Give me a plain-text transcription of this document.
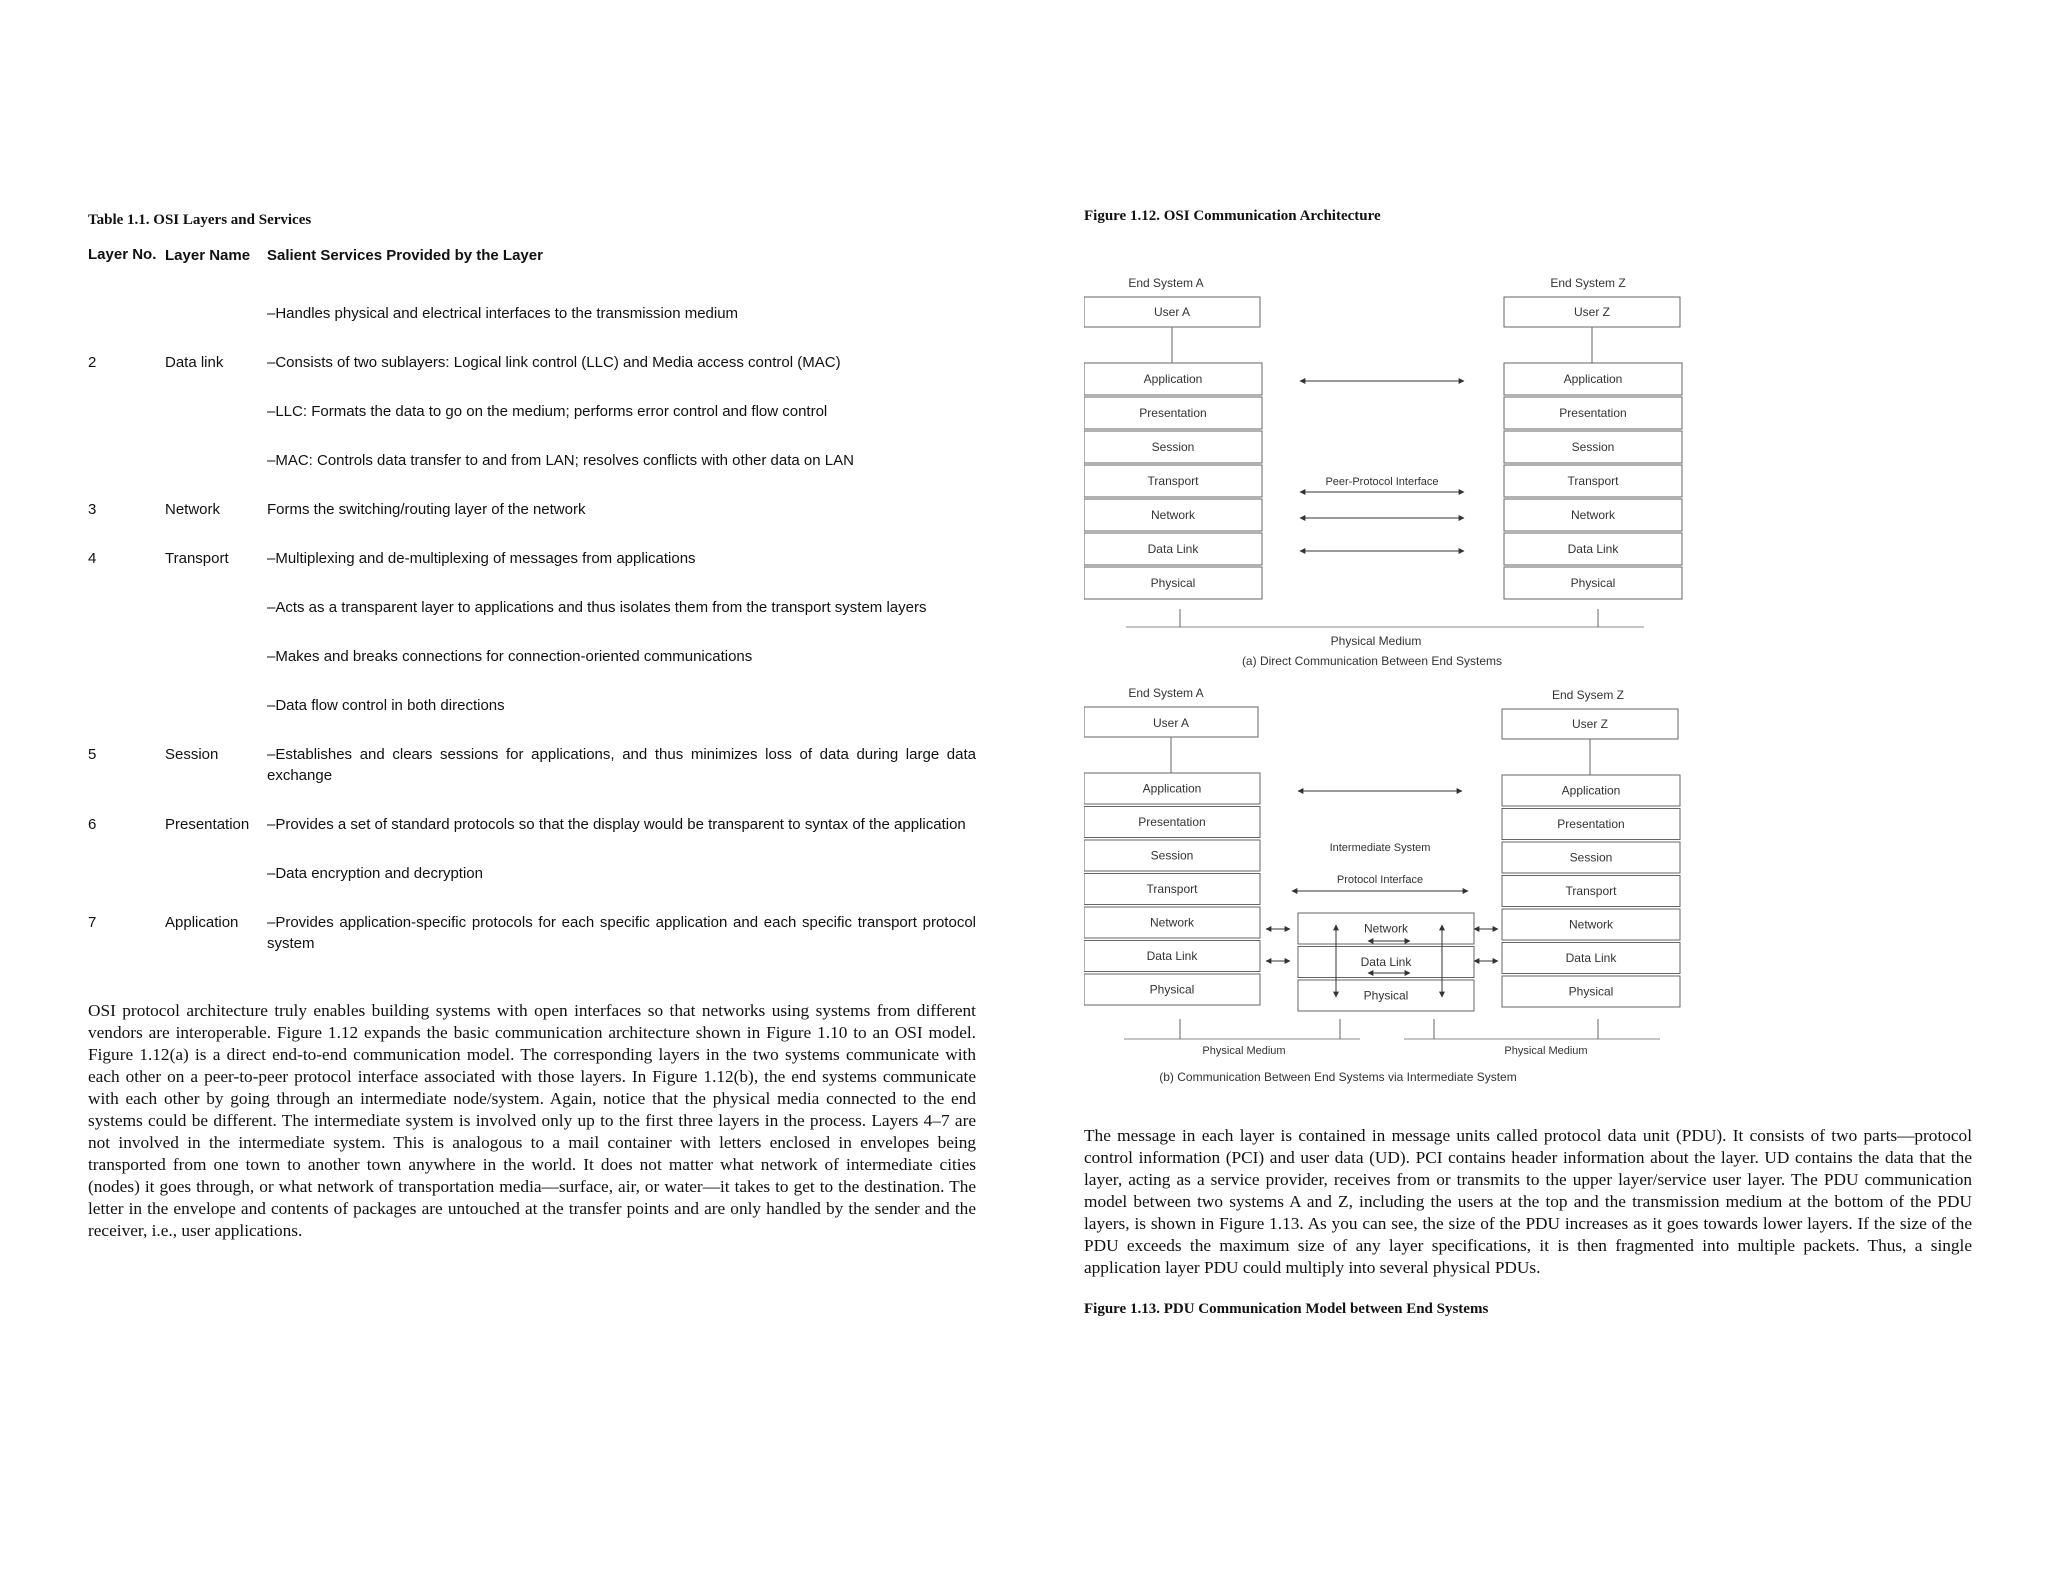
Table 1.1. OSI Layers and Services

Layer No. Layer Name	Salient Services Provided by the Layer
–Handles physical and electrical interfaces to the transmission medium
2	Data link	–Consists of two sublayers: Logical link control (LLC) and Media access control (MAC)
–LLC: Formats the data to go on the medium; performs error control and flow control
–MAC: Controls data transfer to and from LAN; resolves conflicts with other data on LAN
3	Network	Forms the switching/routing layer of the network
4	Transport	–Multiplexing and de-multiplexing of messages from applications
–Acts as a transparent layer to applications and thus isolates them from the transport system layers
–Makes and breaks connections for connection-oriented communications
–Data flow control in both directions
5	Session	–Establishes and clears sessions for applications, and thus minimizes loss of data during large data exchange
6	Presentation	–Provides a set of standard protocols so that the display would be transparent to syntax of the application
–Data encryption and decryption
7	Application	–Provides application-specific protocols for each specific application and each specific transport protocol system

OSI protocol architecture truly enables building systems with open interfaces so that networks using systems from different vendors are interoperable. Figure 1.12 expands the basic communication architecture shown in Figure 1.10 to an OSI model. Figure 1.12(a) is a direct end-to-end communication model. The corresponding layers in the two systems communicate with each other on a peer-to-peer protocol interface associated with those layers. In Figure 1.12(b), the end systems communicate with each other by going through an intermediate node/system. Again, notice that the physical media connected to the end systems could be different. The intermediate system is involved only up to the first three layers in the process. Layers 4–7 are not involved in the intermediate system. This is analogous to a mail container with letters enclosed in envelopes being transported from one town to another town anywhere in the world. It does not matter what network of intermediate cities (nodes) it goes through, or what network of transportation media—surface, air, or water—it takes to get to the destination. The letter in the envelope and contents of packages are untouched at the transfer points and are only handled by the sender and the receiver, i.e., user applications.

Figure 1.12. OSI Communication Architecture

End System A	End System Z
User A	User Z
Application
Presentation
Session
Transport
Network
Data Link
Physical
Application
Presentation
Session
Transport
Network
Data Link
Physical
Peer-Protocol Interface
Physical Medium
(a) Direct Communication Between End Systems
End System A	End Sysem Z
User A	User Z
Application
Presentation
Session
Transport
Network
Data Link
Physical
Application
Presentation
Session
Transport
Network
Data Link
Physical
Network
Data Link
Physical
Intermediate System
Protocol Interface
Physical Medium	Physical Medium
(b) Communication Between End Systems via Intermediate System

The message in each layer is contained in message units called protocol data unit (PDU). It consists of two parts—protocol control information (PCI) and user data (UD). PCI contains header information about the layer. UD contains the data that the layer, acting as a service provider, receives from or transmits to the upper layer/service user layer. The PDU communication model between two systems A and Z, including the users at the top and the transmission medium at the bottom of the PDU layers, is shown in Figure 1.13. As you can see, the size of the PDU increases as it goes towards lower layers. If the size of the PDU exceeds the maximum size of any layer specifications, it is then fragmented into multiple packets. Thus, a single application layer PDU could multiply into several physical PDUs.

Figure 1.13. PDU Communication Model between End Systems
